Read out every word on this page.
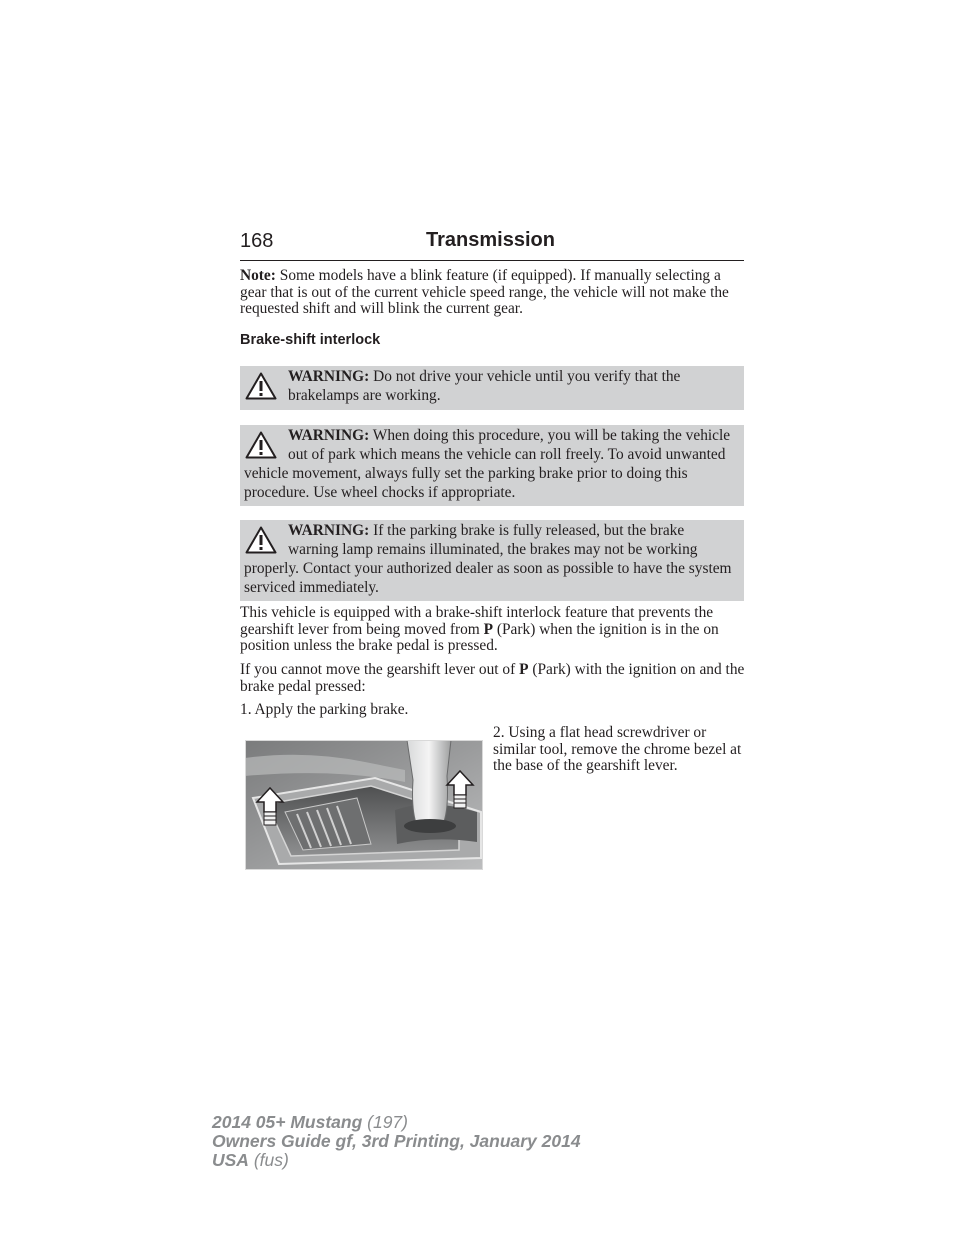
168	Transmission
Note: Some models have a blink feature (if equipped). If manually selecting a gear that is out of the current vehicle speed range, the vehicle will not make the requested shift and will blink the current gear.
Brake-shift interlock
WARNING: Do not drive your vehicle until you verify that the brakelamps are working.
WARNING: When doing this procedure, you will be taking the vehicle out of park which means the vehicle can roll freely. To avoid unwanted vehicle movement, always fully set the parking brake prior to doing this procedure. Use wheel chocks if appropriate.
WARNING: If the parking brake is fully released, but the brake warning lamp remains illuminated, the brakes may not be working properly. Contact your authorized dealer as soon as possible to have the system serviced immediately.
This vehicle is equipped with a brake-shift interlock feature that prevents the gearshift lever from being moved from P (Park) when the ignition is in the on position unless the brake pedal is pressed.
If you cannot move the gearshift lever out of P (Park) with the ignition on and the brake pedal pressed:
1. Apply the parking brake.
2. Using a flat head screwdriver or similar tool, remove the chrome bezel at the base of the gearshift lever.
2014 05+ Mustang (197)
Owners Guide gf, 3rd Printing, January 2014
USA (fus)
